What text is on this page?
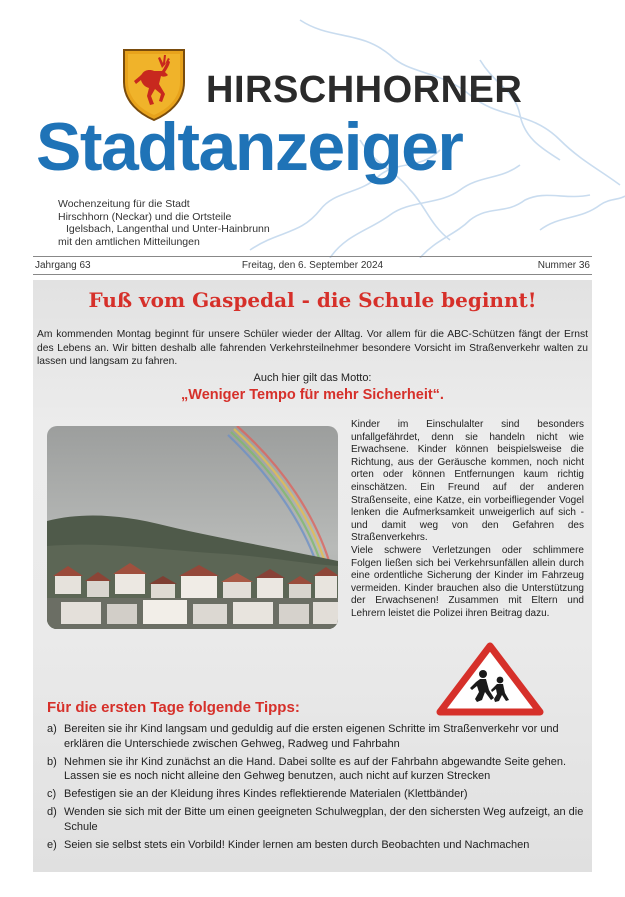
HIRSCHHORNER
Stadtanzeiger
Wochenzeitung für die Stadt
Hirschhorn (Neckar) und die Ortsteile
Igelsbach, Langenthal und Unter-Hainbrunn
mit den amtlichen Mitteilungen
Jahrgang 63	Freitag, den 6. September 2024	Nummer 36
Fuß vom Gaspedal - die Schule beginnt!

Am kommenden Montag beginnt für unsere Schüler wieder der Alltag. Vor allem für die ABC-Schützen fängt der Ernst des Lebens an. Wir bitten deshalb alle fahrenden Verkehrsteilnehmer besondere Vorsicht im Straßenverkehr walten zu lassen und langsam zu fahren.

Auch hier gilt das Motto:
„Weniger Tempo für mehr Sicherheit“.

Kinder im Einschulalter sind besonders unfallgefährdet, denn sie handeln nicht wie Erwachsene. Kinder können beispielsweise die Richtung, aus der Geräusche kommen, noch nicht orten oder können Entfernungen kaum richtig einschätzen. Ein Freund auf der anderen Straßenseite, eine Katze, ein vorbeifliegender Vogel lenken die Aufmerksamkeit unweigerlich auf sich - und damit weg von den Gefahren des Straßenverkehrs.

Viele schwere Verletzungen oder schlimmere Folgen ließen sich bei Verkehrsunfällen allein durch eine ordentliche Sicherung der Kinder im Fahrzeug vermeiden. Kinder brauchen also die Unterstützung der Erwachsenen! Zusammen mit Eltern und Lehrern leistet die Polizei ihren Beitrag dazu.

Für die ersten Tage folgende Tipps:
a) Bereiten sie ihr Kind langsam und geduldig auf die ersten eigenen Schritte im Straßenverkehr vor und erklären die Unterschiede zwischen Gehweg, Radweg und Fahrbahn
b) Nehmen sie ihr Kind zunächst an die Hand. Dabei sollte es auf der Fahrbahn abgewandte Seite gehen. Lassen sie es noch nicht alleine den Gehweg benutzen, auch nicht auf kurzen Strecken
c) Befestigen sie an der Kleidung ihres Kindes reflektierende Materialen (Klettbänder)
d) Wenden sie sich mit der Bitte um einen geeigneten Schulwegplan, der den sichersten Weg aufzeigt, an die Schule
e) Seien sie selbst stets ein Vorbild! Kinder lernen am besten durch Beobachten und Nachmachen
